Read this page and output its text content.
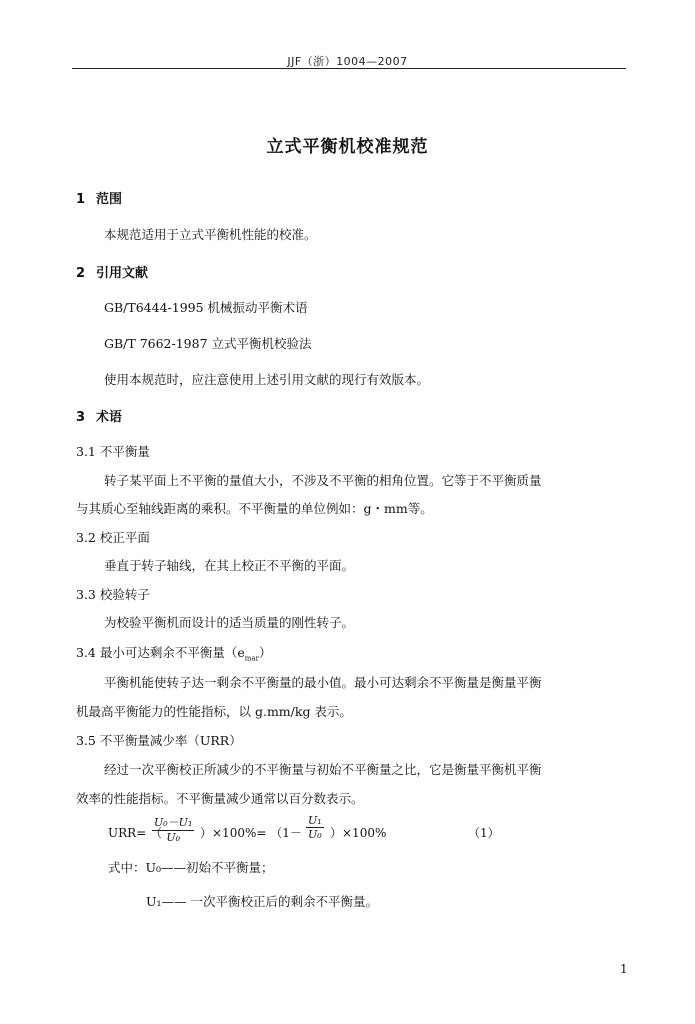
JJF（浙）1004—2007
立式平衡机校准规范
1 范围
本规范适用于立式平衡机性能的校准。
2 引用文献
GB/T6444-1995 机械振动平衡术语
GB/T 7662-1987 立式平衡机校验法
使用本规范时，应注意使用上述引用文献的现行有效版本。
3 术语
3.1 不平衡量
转子某平面上不平衡的量值大小，不涉及不平衡的相角位置。它等于不平衡质量
与其质心至轴线距离的乘积。不平衡量的单位例如：g・mm等。
3.2 校正平面
垂直于转子轴线，在其上校正不平衡的平面。
3.3 校验转子
为校验平衡机而设计的适当质量的刚性转子。
3.4 最小可达剩余不平衡量$(e_{mar})$
平衡机能使转子达一剩余不平衡量的最小值。最小可达剩余不平衡量是衡量平衡
机最高平衡能力的性能指标，以 g.mm/kg 表示。
3.5 不平衡量减少率（URR）
经过一次平衡校正所减少的不平衡量与初始不平衡量之比，它是衡量平衡机平衡
效率的性能指标。不平衡量减少通常以百分数表示。
URR= （
$\frac{\text{U₀－U₁}}{\text{U₀}} )\times 100\%= (1- \frac{\text{U₁}}{\text{U₀}} )\times 100\%$	（1）
式中：U₀——初始不平衡量；
U₁—— 一次平衡校正后的剩余不平衡量。
1
